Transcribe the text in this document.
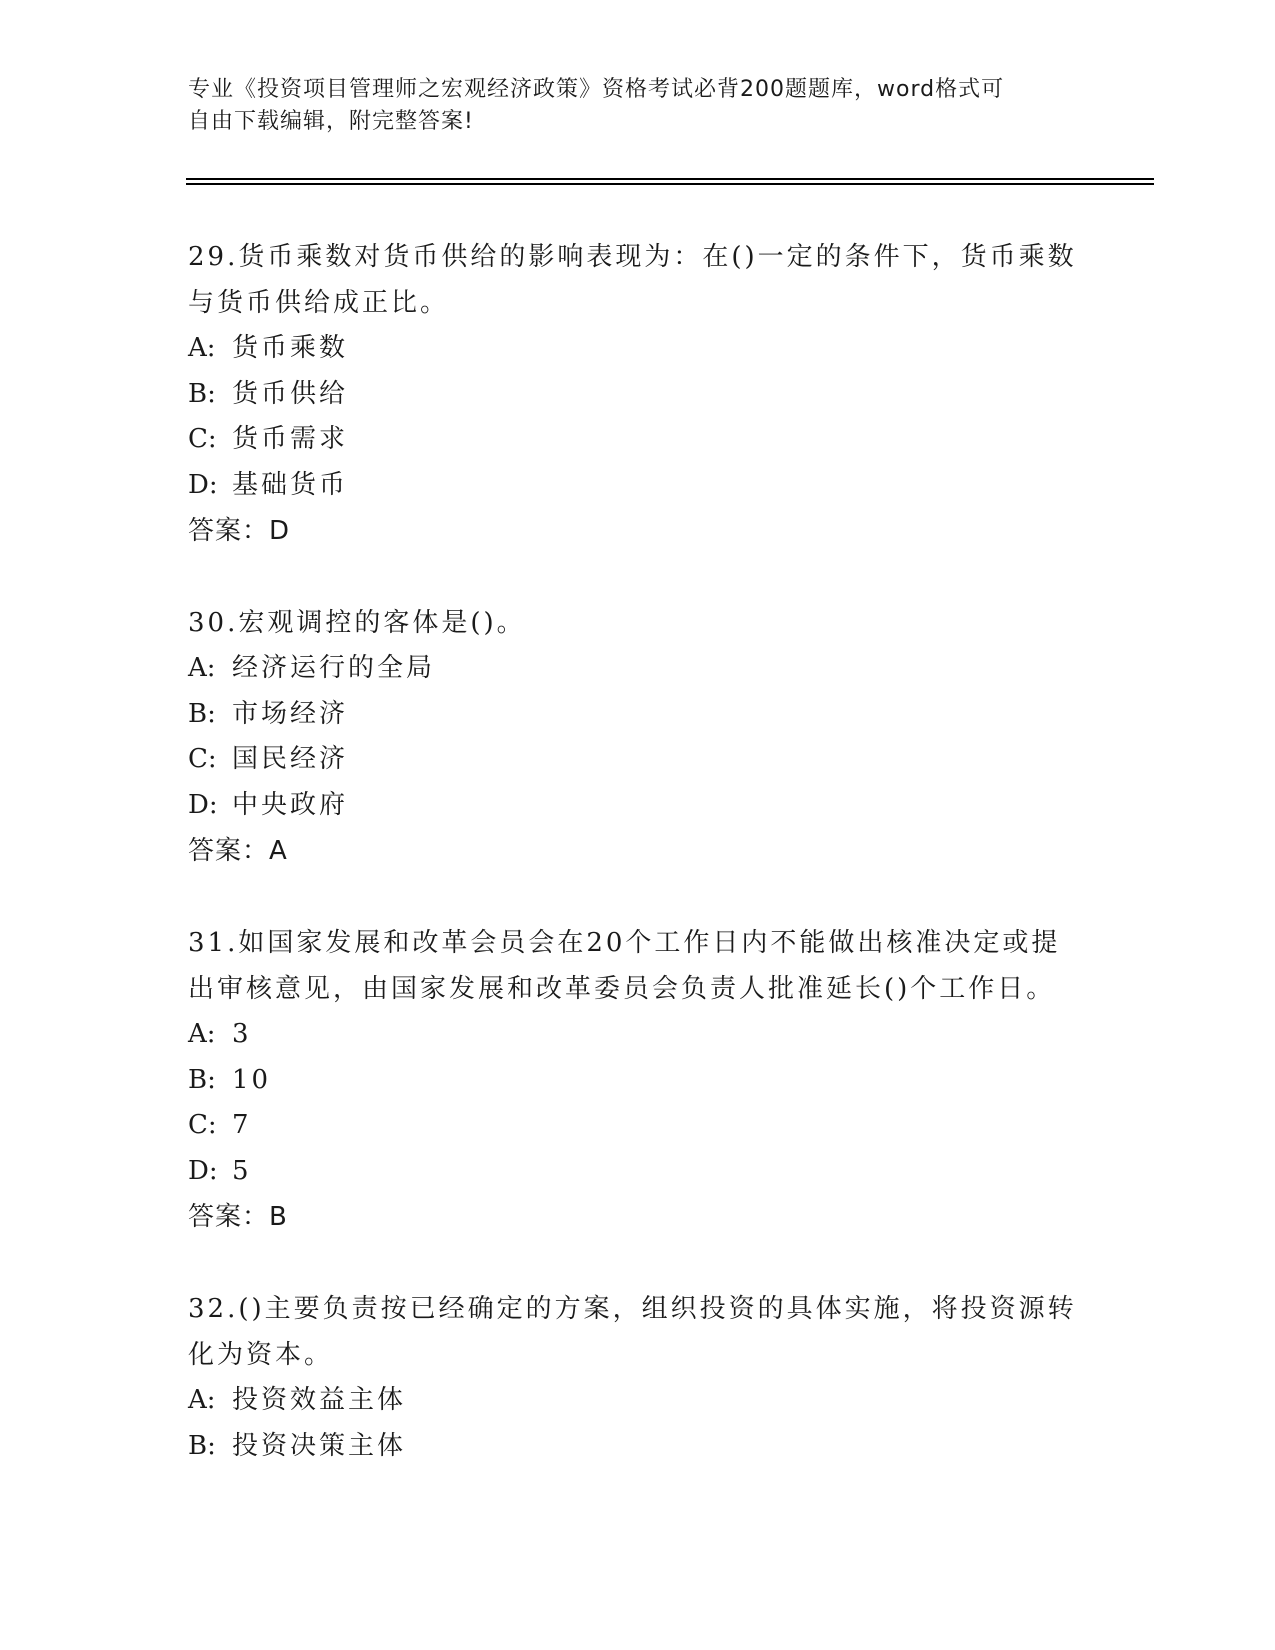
专业《投资项目管理师之宏观经济政策》资格考试必背200题题库，word格式可

自由下载编辑，附完整答案!

29.货币乘数对货币供给的影响表现为：在()一定的条件下，货币乘数
与货币供给成正比。

A: 货币乘数

B: 货币供给

C: 货币需求

D: 基础货币

答案：D

30.宏观调控的客体是()。

A: 经济运行的全局

B: 市场经济

C: 国民经济

D: 中央政府

答案：A

31.如国家发展和改革会员会在20个工作日内不能做出核准决定或提
出审核意见，由国家发展和改革委员会负责人批准延长()个工作日。

A: 3

B: 10

C: 7

D: 5

答案：B

32.()主要负责按已经确定的方案，组织投资的具体实施，将投资源转
化为资本。

A: 投资效益主体

B: 投资决策主体
